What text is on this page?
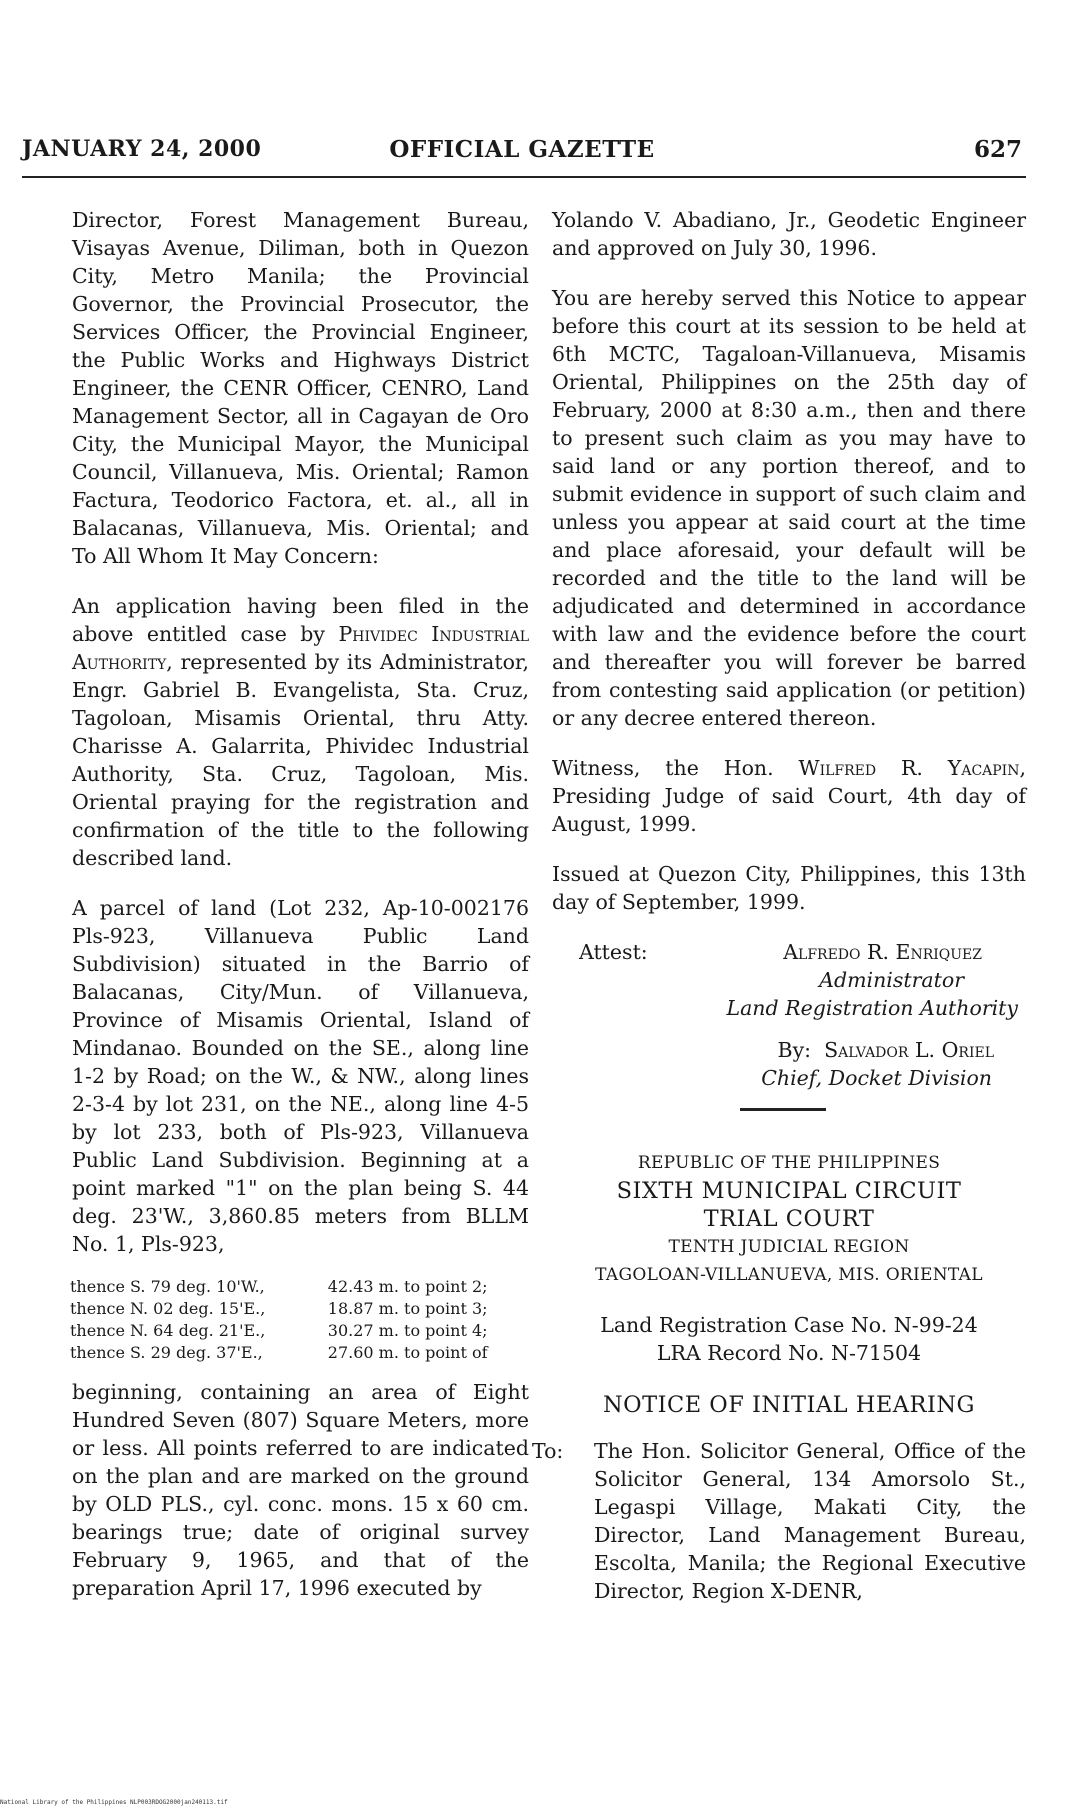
JANUARY 24, 2000	OFFICIAL GAZETTE	627

Director, Forest Management Bureau, Visayas Avenue, Diliman, both in Quezon City, Metro Manila; the Provincial Governor, the Provincial Prosecutor, the Services Officer, the Provincial Engineer, the Public Works and Highways District Engineer, the CENR Officer, CENRO, Land Management Sector, all in Cagayan de Oro City, the Municipal Mayor, the Municipal Council, Villanueva, Mis. Oriental; Ramon Factura, Teodorico Factora, et. al., all in Balacanas, Villanueva, Mis. Oriental; and To All Whom It May Concern:

An application having been filed in the above entitled case by Phividec Industrial Authority, represented by its Administrator, Engr. Gabriel B. Evangelista, Sta. Cruz, Tagoloan, Misamis Oriental, thru Atty. Charisse A. Galarrita, Phividec Industrial Authority, Sta. Cruz, Tagoloan, Mis. Oriental praying for the registration and confirmation of the title to the following described land.

A parcel of land (Lot 232, Ap-10-002176 Pls-923, Villanueva Public Land Subdivision) situated in the Barrio of Balacanas, City/Mun. of Villanueva, Province of Misamis Oriental, Island of Mindanao. Bounded on the SE., along line 1-2 by Road; on the W., & NW., along lines 2-3-4 by lot 231, on the NE., along line 4-5 by lot 233, both of Pls-923, Villanueva Public Land Subdivision. Beginning at a point marked "1" on the plan being S. 44 deg. 23'W., 3,860.85 meters from BLLM No. 1, Pls-923,

thence S. 79 deg. 10'W.,	42.43 m. to point 2;
thence N. 02 deg. 15'E.,	18.87 m. to point 3;
thence N. 64 deg. 21'E.,	30.27 m. to point 4;
thence S. 29 deg. 37'E.,	27.60 m. to point of

beginning, containing an area of Eight Hundred Seven (807) Square Meters, more or less. All points referred to are indicated on the plan and are marked on the ground by OLD PLS., cyl. conc. mons. 15 x 60 cm. bearings true; date of original survey February 9, 1965, and that of the preparation April 17, 1996 executed by

Yolando V. Abadiano, Jr., Geodetic Engineer and approved on July 30, 1996.

You are hereby served this Notice to appear before this court at its session to be held at 6th MCTC, Tagaloan-Villanueva, Misamis Oriental, Philippines on the 25th day of February, 2000 at 8:30 a.m., then and there to present such claim as you may have to said land or any portion thereof, and to submit evidence in support of such claim and unless you appear at said court at the time and place aforesaid, your default will be recorded and the title to the land will be adjudicated and determined in accordance with law and the evidence before the court and thereafter you will forever be barred from contesting said application (or petition) or any decree entered thereon.

Witness, the Hon. Wilfred R. Yacapin, Presiding Judge of said Court, 4th day of August, 1999.

Issued at Quezon City, Philippines, this 13th day of September, 1999.

Attest:	Alfredo R. Enriquez
Administrator
Land Registration Authority
By: Salvador L. Oriel
Chief, Docket Division
REPUBLIC OF THE PHILIPPINES
SIXTH MUNICIPAL CIRCUIT
TRIAL COURT
TENTH JUDICIAL REGION
TAGOLOAN-VILLANUEVA, MIS. ORIENTAL
Land Registration Case No. N-99-24
LRA Record No. N-71504
NOTICE OF INITIAL HEARING
To: The Hon. Solicitor General, Office of the Solicitor General, 134 Amorsolo St., Legaspi Village, Makati City, the Director, Land Management Bureau, Escolta, Manila; the Regional Executive Director, Region X-DENR,
National Library of the Philippines NLP003RDOG2000jan240113.tif
